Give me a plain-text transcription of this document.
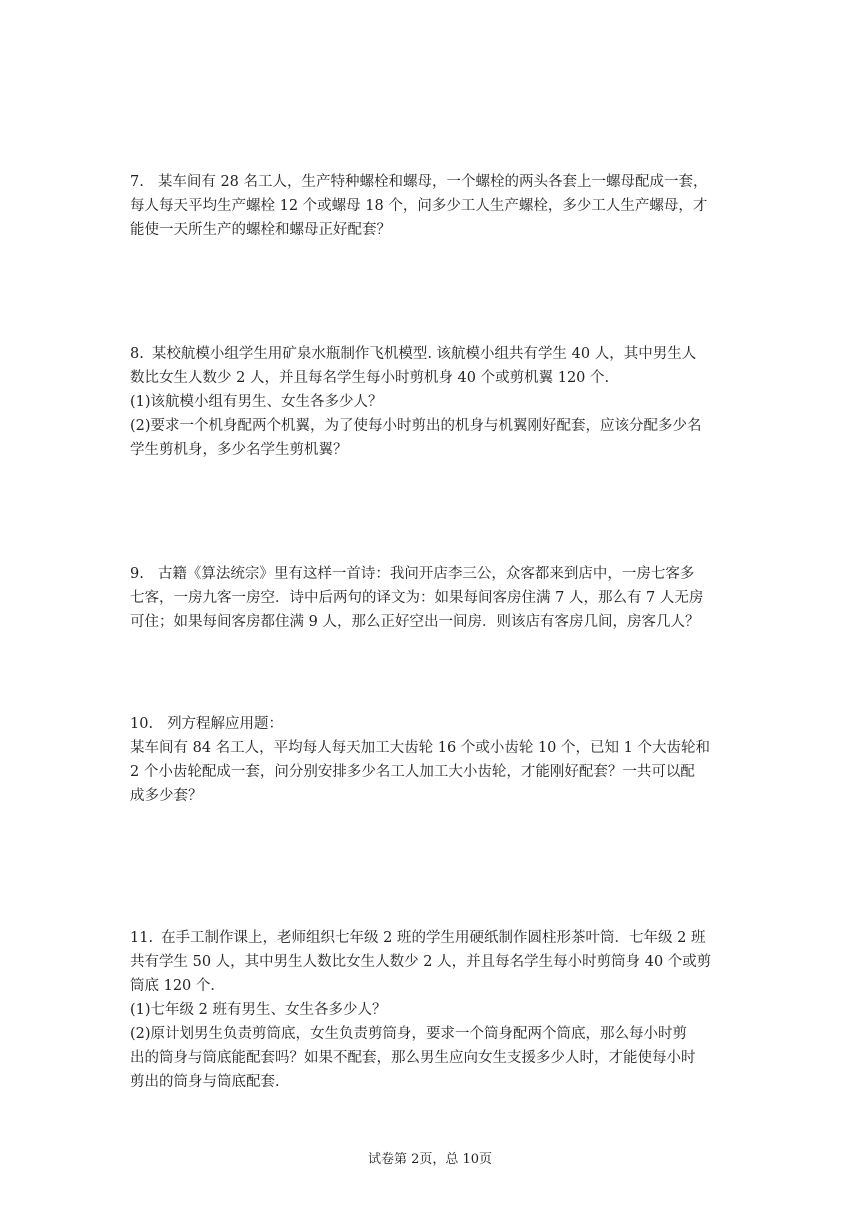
7. 某车间有 28 名工人，生产特种螺栓和螺母，一个螺栓的两头各套上一螺母配成一套，
每人每天平均生产螺栓 12 个或螺母 18 个，问多少工人生产螺栓，多少工人生产螺母，才
能使一天所生产的螺栓和螺母正好配套？

8. 某校航模小组学生用矿泉水瓶制作飞机模型. 该航模小组共有学生 40 人，其中男生人
数比女生人数少 2 人，并且每名学生每小时剪机身 40 个或剪机翼 120 个.
(1)该航模小组有男生、女生各多少人？
(2)要求一个机身配两个机翼，为了使每小时剪出的机身与机翼刚好配套，应该分配多少名
学生剪机身，多少名学生剪机翼？

9. 古籍《算法统宗》里有这样一首诗：我问开店李三公，众客都来到店中，一房七客多
七客，一房九客一房空．诗中后两句的译文为：如果每间客房住满 7 人，那么有 7 人无房
可住；如果每间客房都住满 9 人，那么正好空出一间房．则该店有客房几间，房客几人？

10. 列方程解应用题：
某车间有 84 名工人，平均每人每天加工大齿轮 16 个或小齿轮 10 个，已知 1 个大齿轮和
2 个小齿轮配成一套，问分别安排多少名工人加工大小齿轮，才能刚好配套？一共可以配
成多少套？

11. 在手工制作课上，老师组织七年级 2 班的学生用硬纸制作圆柱形茶叶筒．七年级 2 班
共有学生 50 人，其中男生人数比女生人数少 2 人，并且每名学生每小时剪筒身 40 个或剪
筒底 120 个．
(1)七年级 2 班有男生、女生各多少人？
(2)原计划男生负责剪筒底，女生负责剪筒身，要求一个筒身配两个筒底，那么每小时剪
出的筒身与筒底能配套吗？如果不配套，那么男生应向女生支援多少人时，才能使每小时
剪出的筒身与筒底配套.

试卷第 2页，总 10页
